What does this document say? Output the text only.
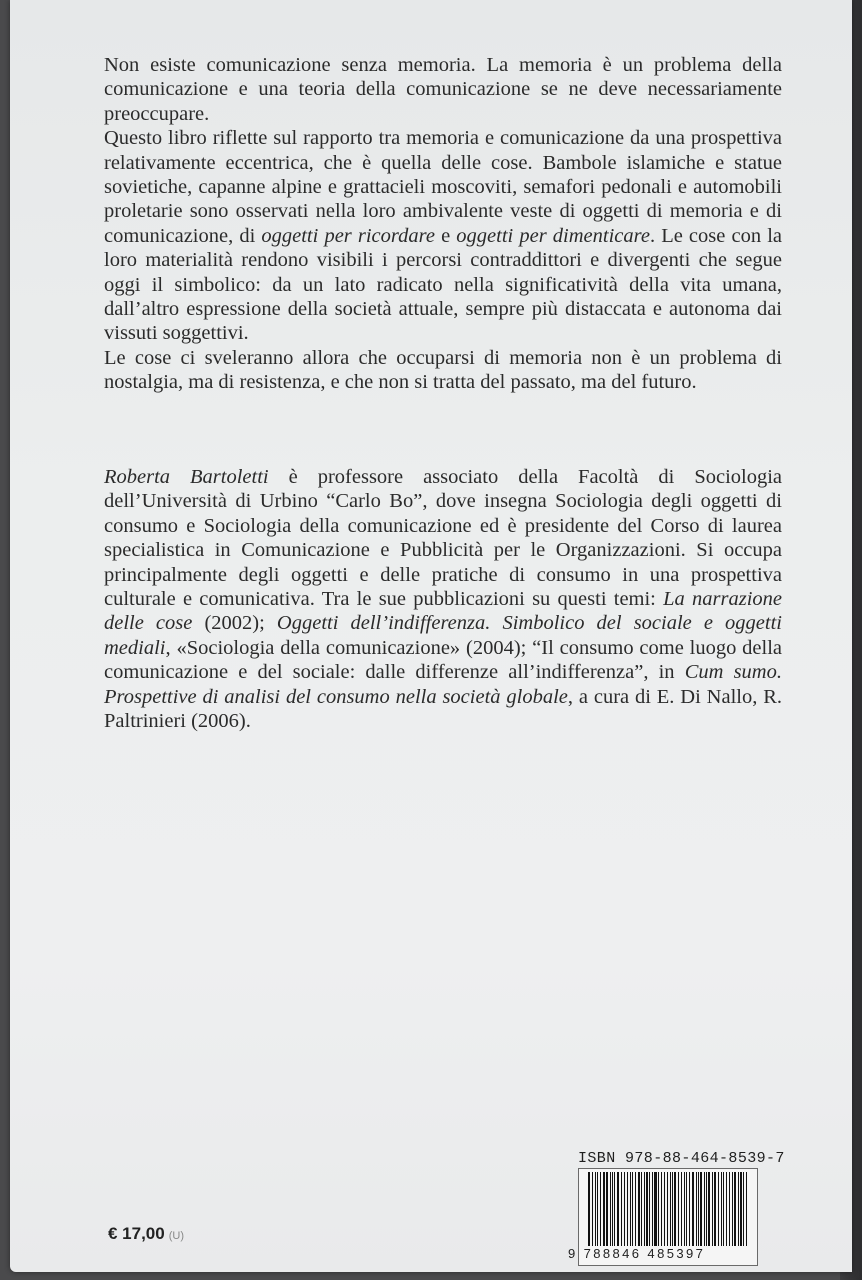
Non esiste comunicazione senza memoria. La memoria è un problema della comunicazione e una teoria della comunicazione se ne deve necessariamente preoccupare.

Questo libro riflette sul rapporto tra memoria e comunicazione da una prospettiva relativamente eccentrica, che è quella delle cose. Bambole islamiche e statue sovietiche, capanne alpine e grattacieli moscoviti, semafori pedonali e automobili proletarie sono osservati nella loro ambivalente veste di oggetti di memoria e di comunicazione, di oggetti per ricordare e oggetti per dimenticare. Le cose con la loro materialità rendono visibili i percorsi contraddittori e divergenti che segue oggi il simbolico: da un lato radicato nella significatività della vita umana, dall’altro espressione della società attuale, sempre più distaccata e autonoma dai vissuti soggettivi.

Le cose ci sveleranno allora che occuparsi di memoria non è un problema di nostalgia, ma di resistenza, e che non si tratta del passato, ma del futuro.

Roberta Bartoletti è professore associato della Facoltà di Sociologia dell’Università di Urbino “Carlo Bo”, dove insegna Sociologia degli oggetti di consumo e Sociologia della comunicazione ed è presidente del Corso di laurea specialistica in Comunicazione e Pubblicità per le Organizzazioni. Si occupa principalmente degli oggetti e delle pratiche di consumo in una prospettiva culturale e comunicativa. Tra le sue pubblicazioni su questi temi: La narrazione delle cose (2002); Oggetti dell’indifferenza. Simbolico del sociale e oggetti mediali, «Sociologia della comunicazione» (2004); “Il consumo come luogo della comunicazione e del sociale: dalle differenze all’indifferenza”, in Cum sumo. Prospettive di analisi del consumo nella società globale, a cura di E. Di Nallo, R. Paltrinieri (2006).

ISBN 978-88-464-8539-7
9 788846 485397
€ 17,00 (U)
